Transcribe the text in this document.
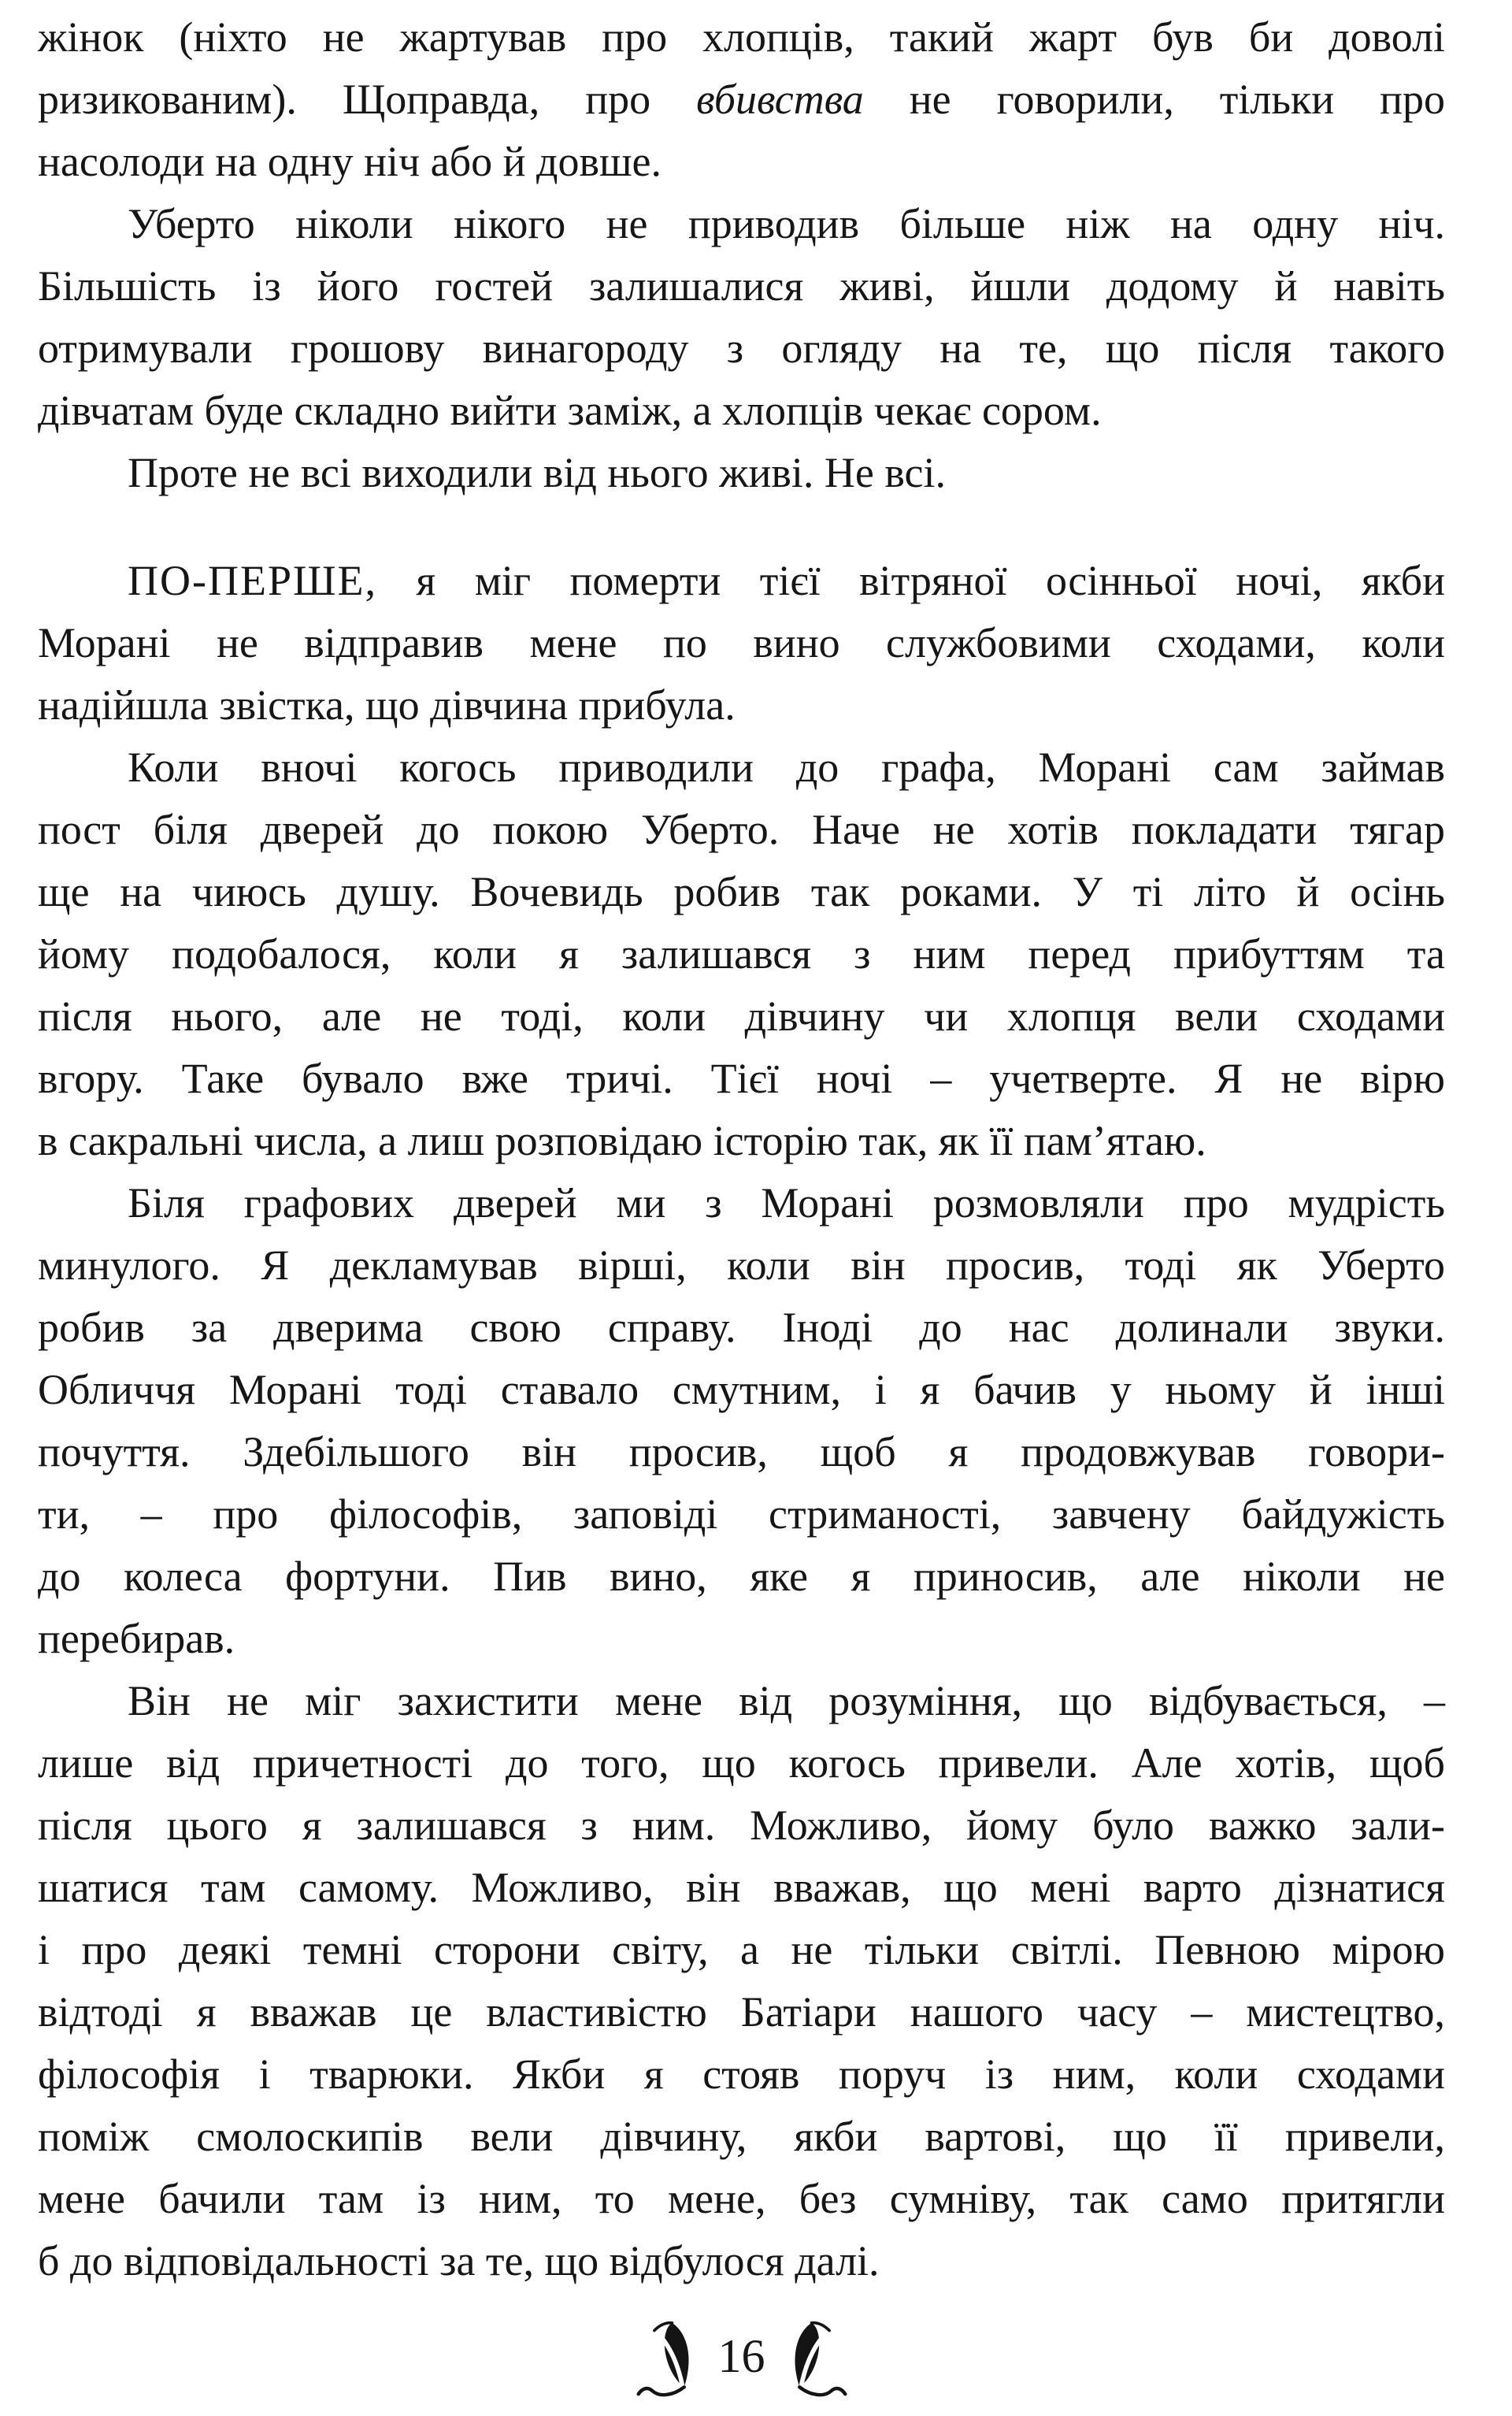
жінок (ніхто не жартував про хлопців, такий жарт був би доволі
ризикованим). Щоправда, про вбивства не говорили, тільки про
насолоди на одну ніч або й довше.
Уберто ніколи нікого не приводив більше ніж на одну ніч.
Більшість із його гостей залишалися живі, йшли додому й навіть
отримували грошову винагороду з огляду на те, що після такого
дівчатам буде складно вийти заміж, а хлопців чекає сором.
Проте не всі виходили від нього живі. Не всі.
ПО-ПЕРШЕ, я міг померти тієї вітряної осінньої ночі, якби
Морані не відправив мене по вино службовими сходами, коли
надійшла звістка, що дівчина прибула.
Коли вночі когось приводили до графа, Морані сам займав
пост біля дверей до покою Уберто. Наче не хотів покладати тягар
ще на чиюсь душу. Вочевидь робив так роками. У ті літо й осінь
йому подобалося, коли я залишався з ним перед прибуттям та
після нього, але не тоді, коли дівчину чи хлопця вели сходами
вгору. Таке бувало вже тричі. Тієї ночі – учетверте. Я не вірю
в сакральні числа, а лиш розповідаю історію так, як її пам’ятаю.
Біля графових дверей ми з Морані розмовляли про мудрість
минулого. Я декламував вірші, коли він просив, тоді як Уберто
робив за дверима свою справу. Іноді до нас долинали звуки.
Обличчя Морані тоді ставало смутним, і я бачив у ньому й інші
почуття. Здебільшого він просив, щоб я продовжував говори-
ти, – про філософів, заповіді стриманості, завчену байдужість
до колеса фортуни. Пив вино, яке я приносив, але ніколи не
перебирав.
Він не міг захистити мене від розуміння, що відбувається, –
лише від причетності до того, що когось привели. Але хотів, щоб
після цього я залишався з ним. Можливо, йому було важко зали-
шатися там самому. Можливо, він вважав, що мені варто дізнатися
і про деякі темні сторони світу, а не тільки світлі. Певною мірою
відтоді я вважав це властивістю Батіари нашого часу – мистецтво,
філософія і тварюки. Якби я стояв поруч із ним, коли сходами
поміж смолоскипів вели дівчину, якби вартові, що її привели,
мене бачили там із ним, то мене, без сумніву, так само притягли
б до відповідальності за те, що відбулося далі.
16
